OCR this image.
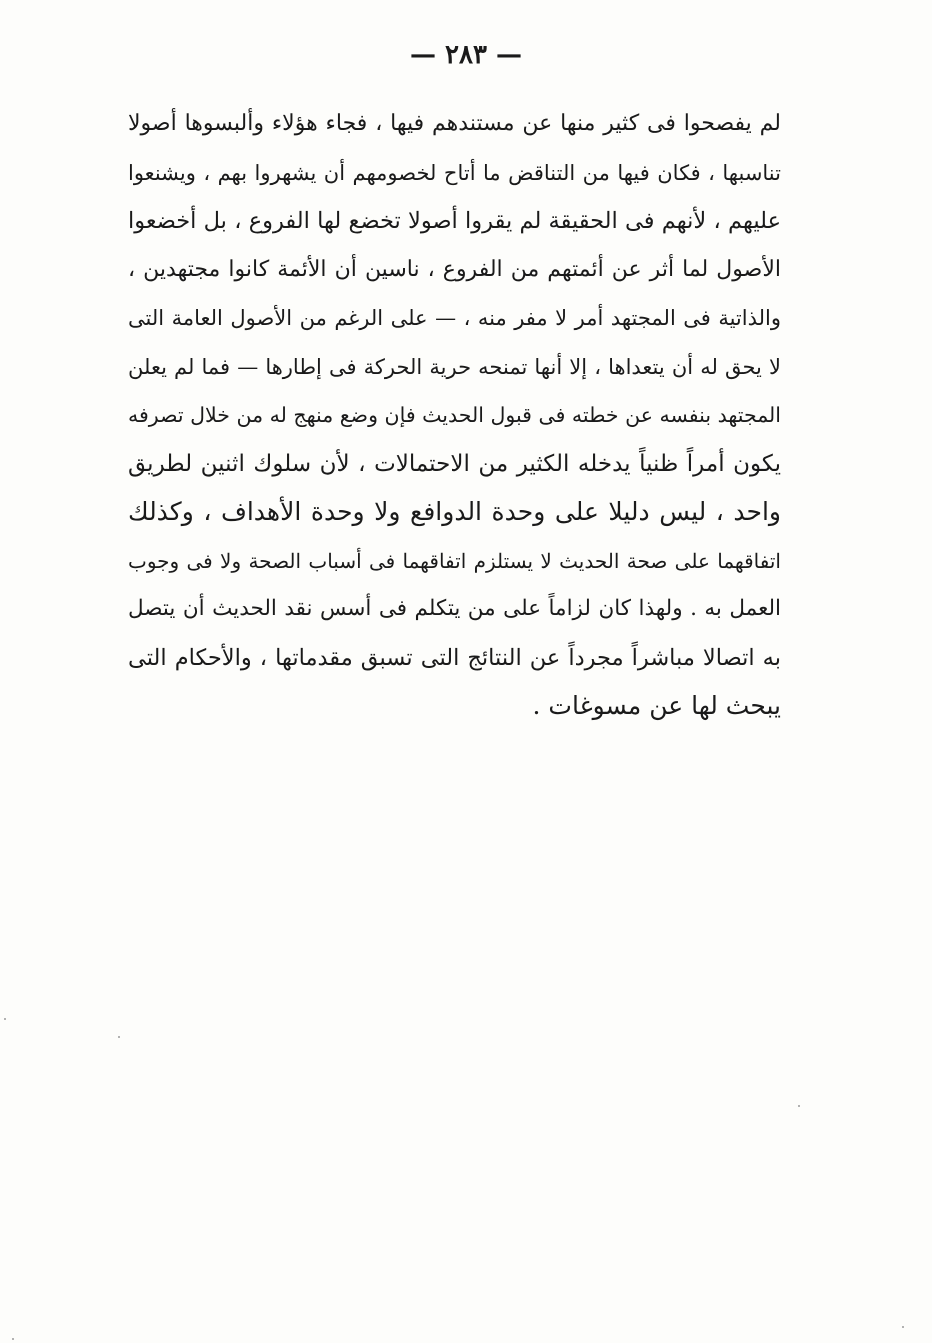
— ٢٨٣ —
لم يفصحوا فى كثير منها عن مستندهم فيها ، فجاء هؤلاء وألبسوها أصولا
تناسبها ، فكان فيها من التناقض ما أتاح لخصومهم أن يشهروا بهم ، ويشنعوا
عليهم ، لأنهم فى الحقيقة لم يقروا أصولا تخضع لها الفروع ، بل أخضعوا
الأصول لما أثر عن أئمتهم من الفروع ، ناسين أن الأئمة كانوا مجتهدين ،
والذاتية فى المجتهد أمر لا مفر منه ، — على الرغم من الأصول العامة التى
لا يحق له أن يتعداها ، إلا أنها تمنحه حرية الحركة فى إطارها — فما لم يعلن
المجتهد بنفسه عن خطته فى قبول الحديث فإن وضع منهج له من خلال تصرفه
يكون أمراً ظنياً يدخله الكثير من الاحتمالات ، لأن سلوك اثنين لطريق
واحد ، ليس دليلا على وحدة الدوافع ولا وحدة الأهداف ، وكذلك
اتفاقهما على صحة الحديث لا يستلزم اتفاقهما فى أسباب الصحة ولا فى وجوب
العمل به . ولهذا كان لزاماً على من يتكلم فى أسس نقد الحديث أن يتصل
به اتصالا مباشراً مجرداً عن النتائج التى تسبق مقدماتها ، والأحكام التى
يبحث لها عن مسوغات .
